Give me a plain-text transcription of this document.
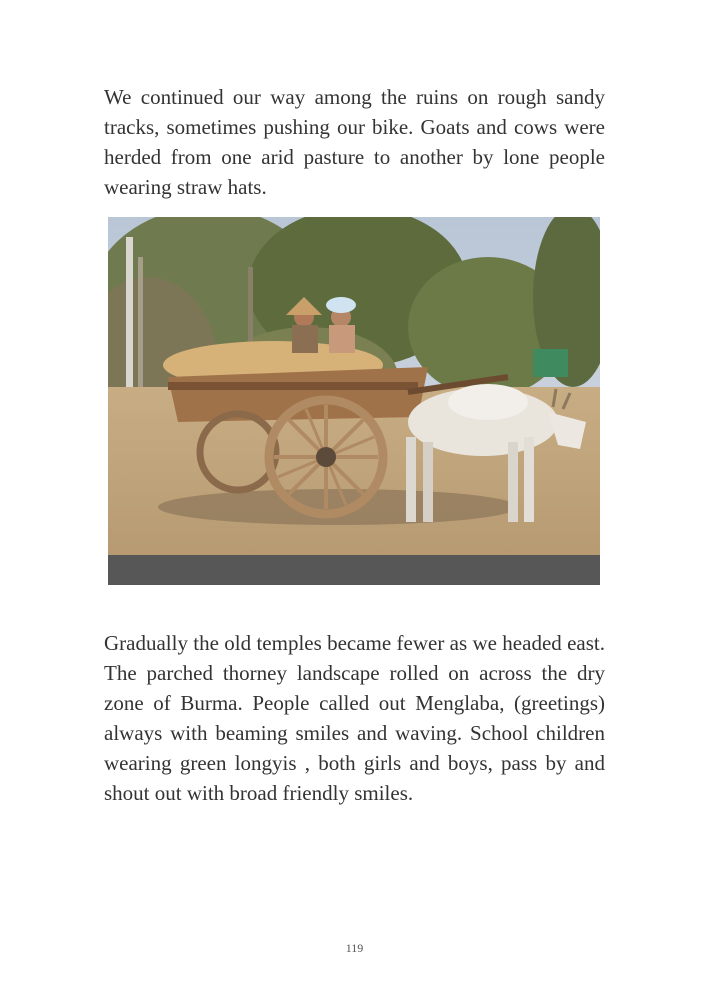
We continued our way among the ruins on rough sandy tracks, sometimes pushing our bike. Goats and cows were herded from one arid pasture to another by lone people wearing straw hats.

Gradually the old temples became fewer as we headed east. The parched thorney landscape rolled on across the dry zone of Burma. People called out Menglaba, (greetings) always with beaming smiles and waving. School children wearing green longyis , both girls and boys, pass by and shout out with broad friendly smiles.

119
